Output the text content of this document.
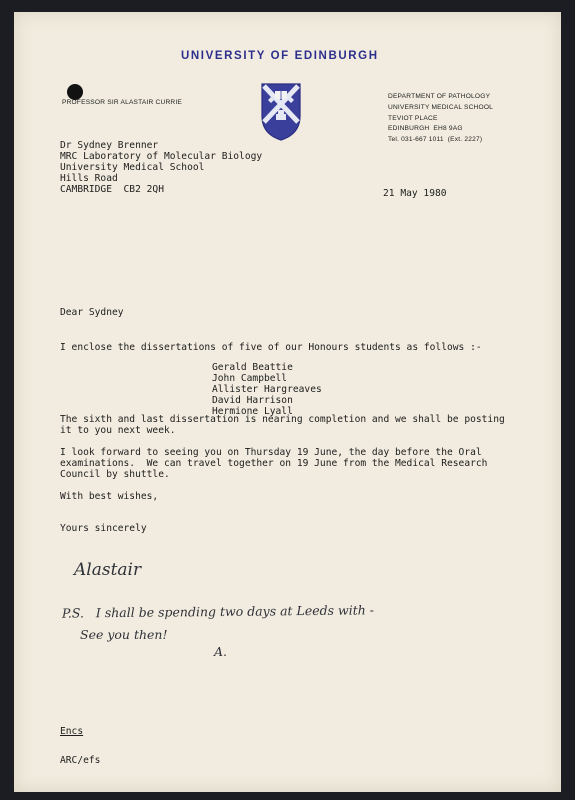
UNIVERSITY OF EDINBURGH
PROFESSOR SIR ALASTAIR CURRIE
DEPARTMENT OF PATHOLOGY
UNIVERSITY MEDICAL SCHOOL
TEVIOT PLACE
EDINBURGH  EH8 9AG
Tel. 031-667 1011  (Ext. 2227)
Dr Sydney Brenner
MRC Laboratory of Molecular Biology
University Medical School
Hills Road
CAMBRIDGE  CB2 2QH	21 May 1980
Dear Sydney
I enclose the dissertations of five of our Honours students as follows :-
Gerald Beattie
John Campbell
Allister Hargreaves
David Harrison
Hermione Lyall
The sixth and last dissertation is nearing completion and we shall be posting
it to you next week.
I look forward to seeing you on Thursday 19 June, the day before the Oral
examinations.  We can travel together on 19 June from the Medical Research
Council by shuttle.
With best wishes,
Yours sincerely
Alastair
P.S.   I shall be spending two days at Leeds with -
See you then!
A.
Encs
ARC/efs
